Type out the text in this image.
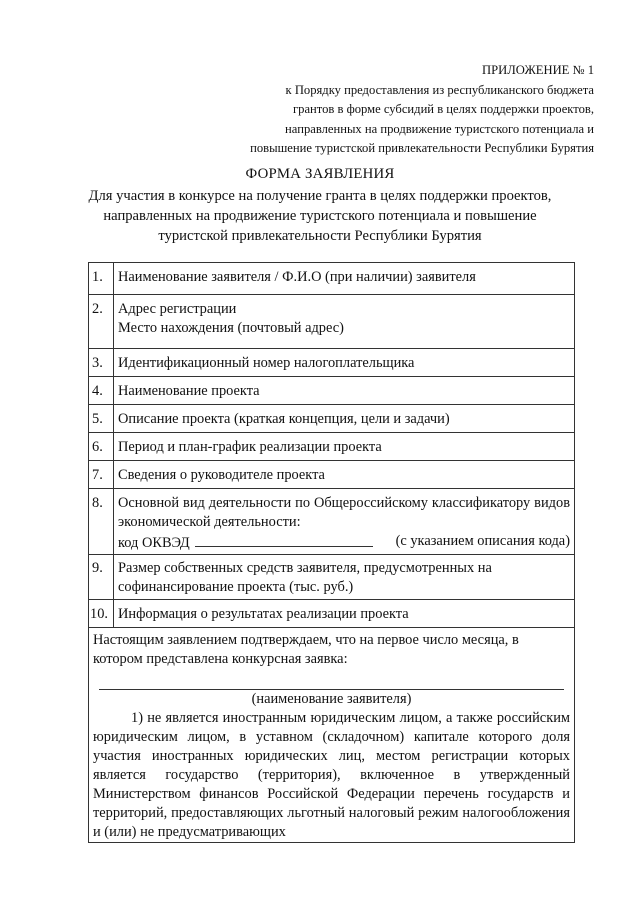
ПРИЛОЖЕНИЕ № 1
к Порядку предоставления из республиканского бюджета
грантов в форме субсидий в целях поддержки проектов,
направленных на продвижение туристского потенциала и
повышение туристской привлекательности Республики Бурятия
ФОРМА ЗАЯВЛЕНИЯ
Для участия в конкурсе на получение гранта в целях поддержки проектов,
направленных на продвижение туристского потенциала и повышение
туристской привлекательности Республики Бурятия
1.	Наименование заявителя / Ф.И.О (при наличии) заявителя
2.	Адрес регистрации
Место нахождения (почтовый адрес)

3.	Идентификационный номер налогоплательщика
4.	Наименование проекта
5.	Описание проекта (краткая концепция, цели и задачи)
6.	Период и план-график реализации проекта
7.	Сведения о руководителе проекта
8.	Основной вид деятельности по Общероссийскому классификатору видов экономической деятельности:
код ОКВЭД (с указанием описания кода)

9.	Размер собственных средств заявителя, предусмотренных на софинансирование проекта (тыс. руб.)
10.	Информация о результатах реализации проекта

Настоящим заявлением подтверждаем, что на первое число месяца, в котором представлена конкурсная заявка:
(наименование заявителя)
1) не является иностранным юридическим лицом, а также российским юридическим лицом, в уставном (складочном) капитале которого доля участия иностранных юридических лиц, местом регистрации которых является государство (территория), включенное в утвержденный Министерством финансов Российской Федерации перечень государств и территорий, предоставляющих льготный налоговый режим налогообложения и (или) не предусматривающих	
